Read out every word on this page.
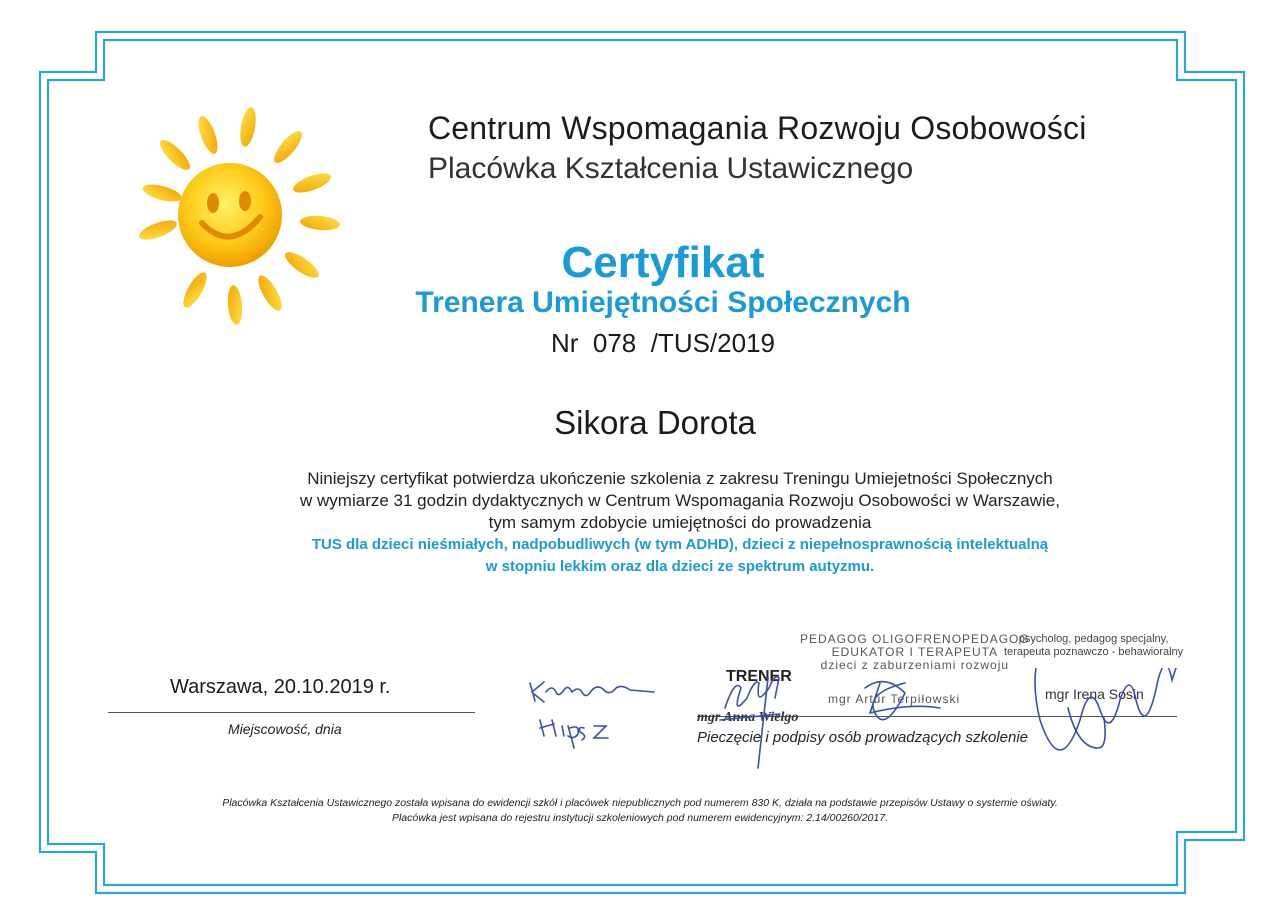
Centrum Wspomagania Rozwoju Osobowości
Placówka Kształcenia Ustawicznego
Certyfikat
Trenera Umiejętności Społecznych
Nr  078  /TUS/2019
Sikora Dorota
Niniejszy certyfikat potwierdza ukończenie szkolenia z zakresu Treningu Umiejetności Społecznych
w wymiarze 31 godzin dydaktycznych w Centrum Wspomagania Rozwoju Osobowości w Warszawie,
tym samym zdobycie umiejętności do prowadzenia
TUS dla dzieci nieśmiałych, nadpobudliwych (w tym ADHD), dzieci z niepełnosprawnością intelektualną
w stopniu lekkim oraz dla dzieci ze spektrum autyzmu.
Warszawa, 20.10.2019 r.
Miejscowość, dnia
PEDAGOG OLIGOFRENOPEDAGOG
EDUKATOR I TERAPEUTA
dzieci z zaburzeniami rozwoju
mgr Artur Terpiłowski
psycholog, pedagog specjalny,
terapeuta poznawczo - behawioralny
mgr Irena Sosin
TRENER
mgr Anna Wielgo
Pieczęcie i podpisy osób prowadzących szkolenie
Placówka Kształcenia Ustawicznego została wpisana do ewidencji szkół i placówek niepublicznych pod numerem 830 K, działa na podstawie przepisów Ustawy o systemie oświaty.
Placówka jest wpisana do rejestru instytucji szkoleniowych pod numerem ewidencyjnym: 2.14/00260/2017.
